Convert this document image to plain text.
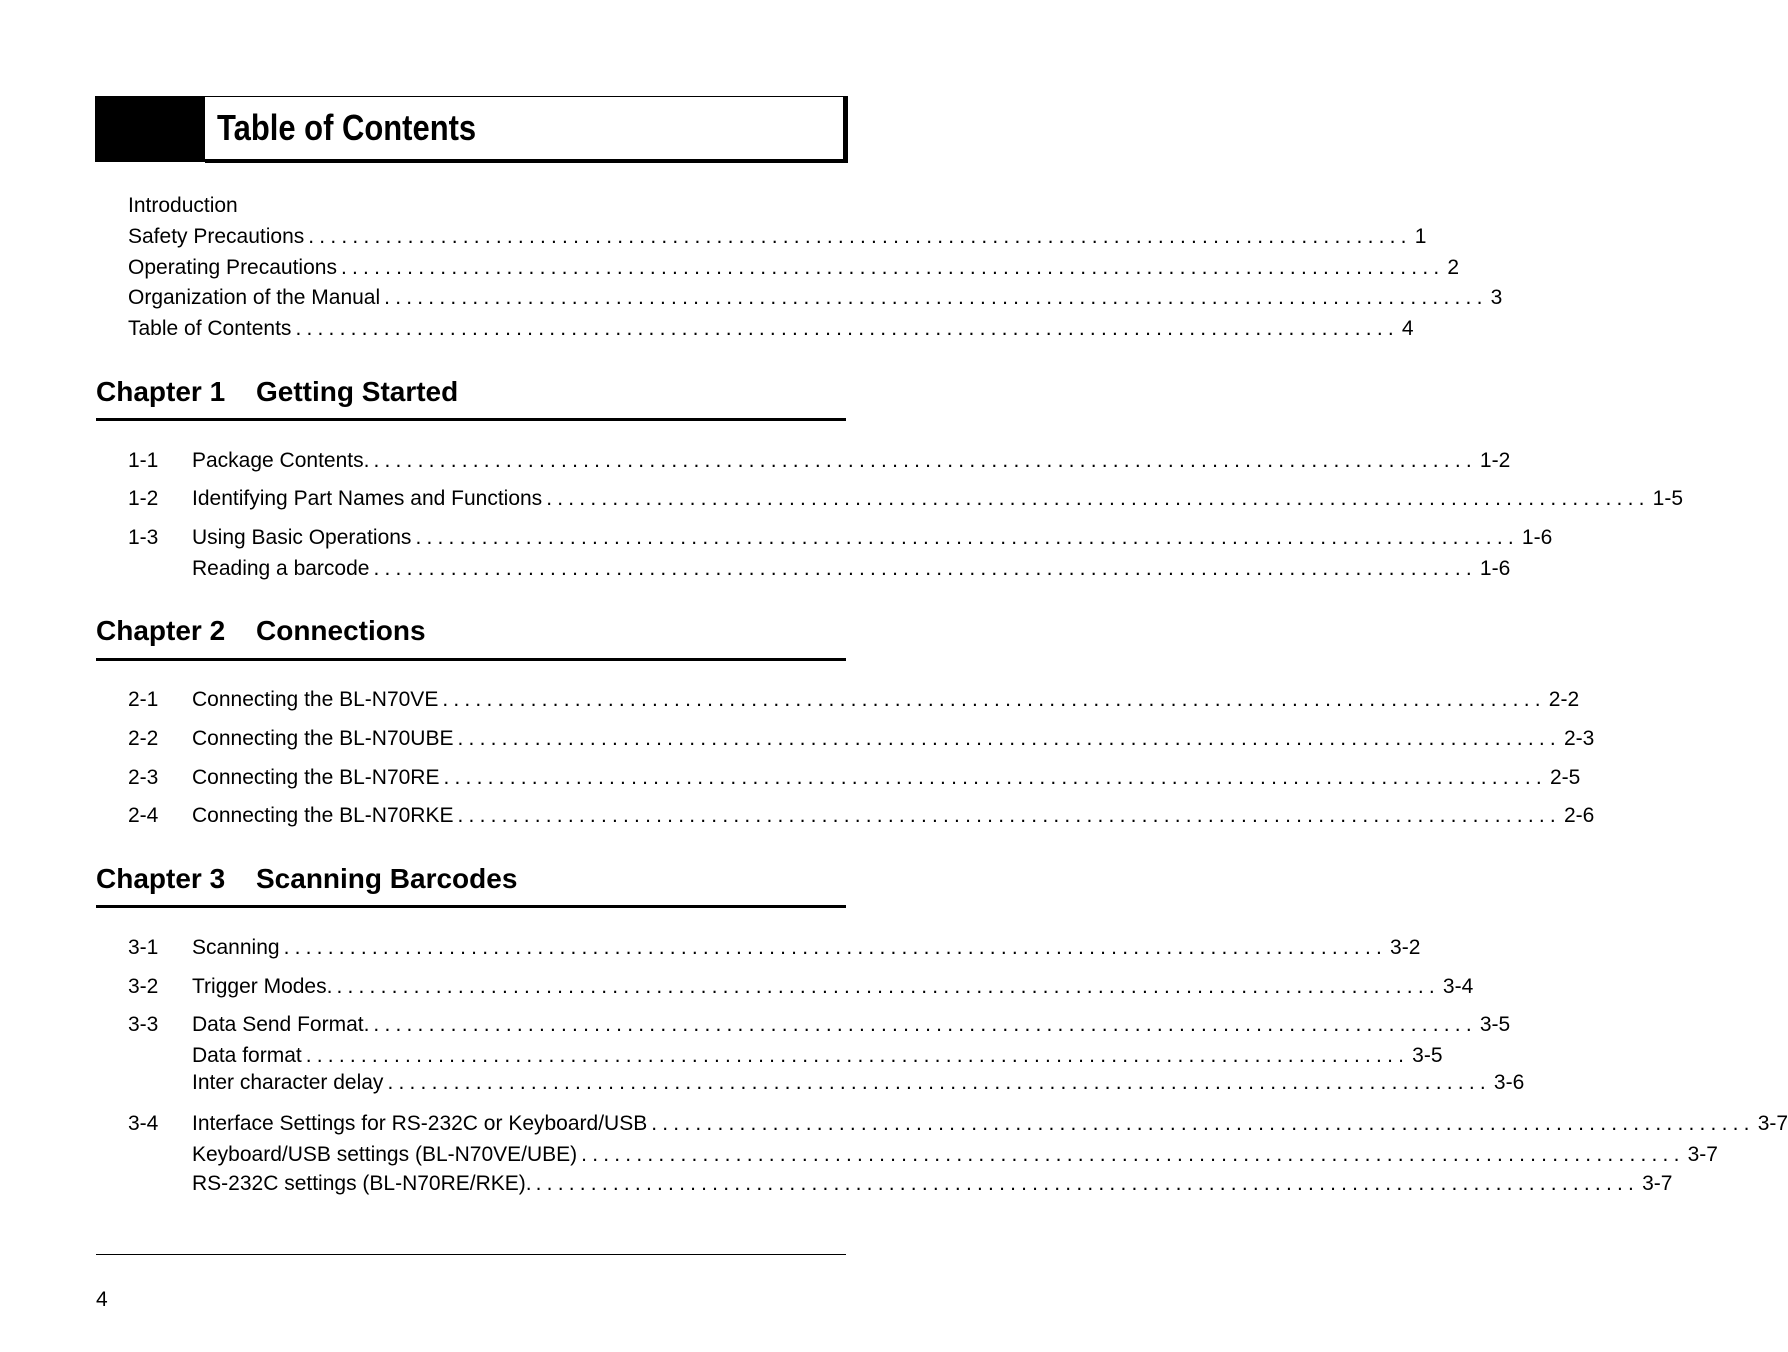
Table of Contents
Introduction
Safety Precautions .................................................................................................... 1
Operating Precautions .................................................................................................... 2
Organization of the Manual .................................................................................................... 3
Table of Contents .................................................................................................... 4
Chapter 1 Getting Started
1-1 Package Contents. .................................................................................................... 1-2
1-2 Identifying Part Names and Functions .................................................................................................... 1-5
1-3 Using Basic Operations .................................................................................................... 1-6
Reading a barcode .................................................................................................... 1-6
Chapter 2 Connections
2-1 Connecting the BL-N70VE .................................................................................................... 2-2
2-2 Connecting the BL-N70UBE .................................................................................................... 2-3
2-3 Connecting the BL-N70RE .................................................................................................... 2-5
2-4 Connecting the BL-N70RKE .................................................................................................... 2-6
Chapter 3 Scanning Barcodes
3-1 Scanning .................................................................................................... 3-2
3-2 Trigger Modes. .................................................................................................... 3-4
3-3 Data Send Format. .................................................................................................... 3-5
Data format .................................................................................................... 3-5
Inter character delay .................................................................................................... 3-6
3-4 Interface Settings for RS-232C or Keyboard/USB .................................................................................................... 3-7
Keyboard/USB settings (BL-N70VE/UBE) .................................................................................................... 3-7
RS-232C settings (BL-N70RE/RKE). .................................................................................................... 3-7
4
